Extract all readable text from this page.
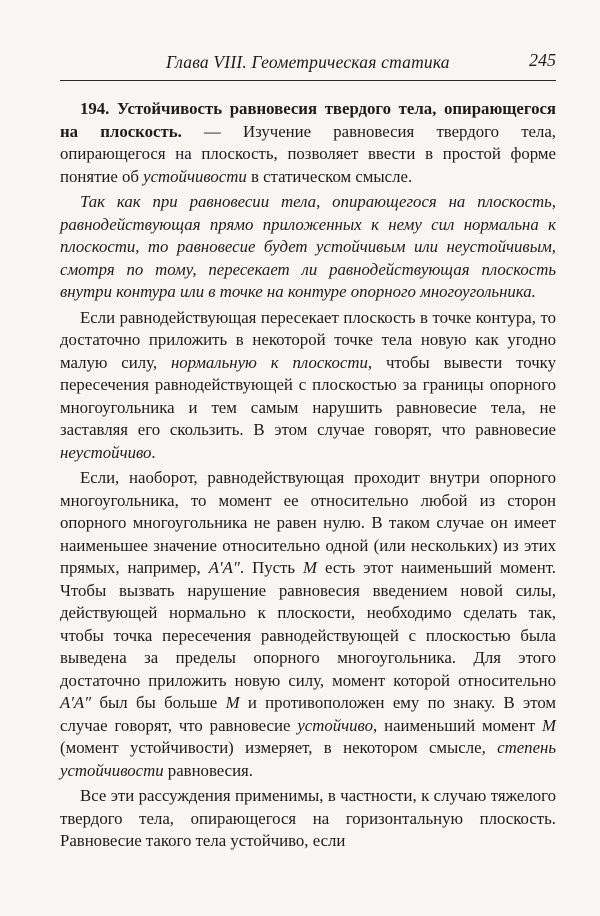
Глава VIII. Геометрическая статика	245

194. Устойчивость равновесия твердого тела, опирающегося на плоскость. — Изучение равновесия твердого тела, опирающегося на плоскость, позволяет ввести в простой форме понятие об устойчивости в статическом смысле.

Так как при равновесии тела, опирающегося на плоскость, равнодействующая прямо приложенных к нему сил нормальна к плоскости, то равновесие будет устойчивым или неустойчивым, смотря по тому, пересекает ли равнодействующая плоскость внутри контура или в точке на контуре опорного многоугольника.

Если равнодействующая пересекает плоскость в точке контура, то достаточно приложить в некоторой точке тела новую как угодно малую силу, нормальную к плоскости, чтобы вывести точку пересечения равнодействующей с плоскостью за границы опорного многоугольника и тем самым нарушить равновесие тела, не заставляя его скользить. В этом случае говорят, что равновесие неустойчиво.

Если, наоборот, равнодействующая проходит внутри опорного многоугольника, то момент ее относительно любой из сторон опорного многоугольника не равен нулю. В таком случае он имеет наименьшее значение относительно одной (или нескольких) из этих прямых, например, A′A″. Пусть M есть этот наименьший момент. Чтобы вызвать нарушение равновесия введением новой силы, действующей нормально к плоскости, необходимо сделать так, чтобы точка пересечения равнодействующей с плоскостью была выведена за пределы опорного многоугольника. Для этого достаточно приложить новую силу, момент которой относительно A′A″ был бы больше M и противоположен ему по знаку. В этом случае говорят, что равновесие устойчиво, наименьший момент M (момент устойчивости) измеряет, в некотором смысле, степень устойчивости равновесия.

Все эти рассуждения применимы, в частности, к случаю тяжелого твердого тела, опирающегося на горизонтальную плоскость. Равновесие такого тела устойчиво, если
